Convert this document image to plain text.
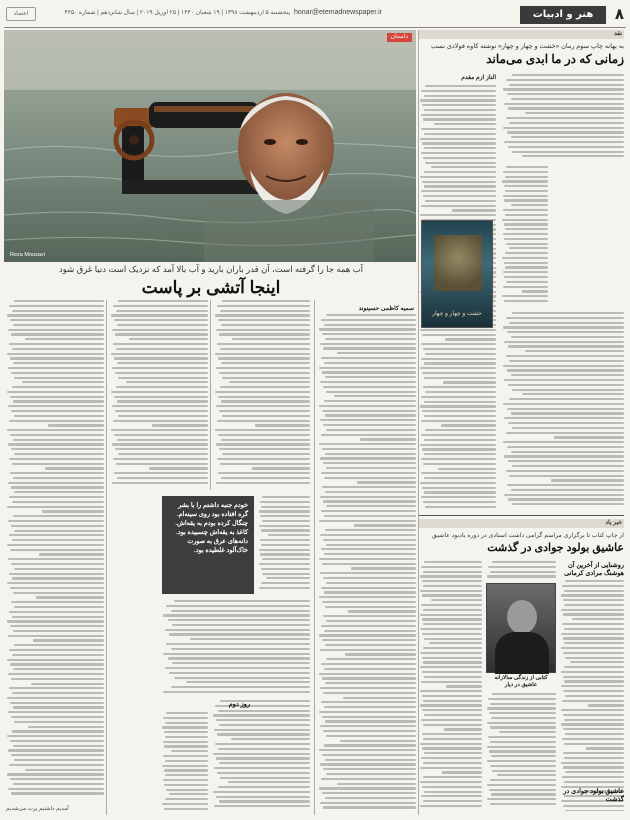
۸
هنر و ادبیات
honar@etemadnewspaper.ir
پنجشنبه ۵ اردیبهشت ۱۳۹۸ | ۱۹ شعبان ۱۴۴۰ | ۲۵ آوریل ۲۰۱۹ | سال شانزدهم | شماره ۴۳۵۰
اعتماد
نقد
به بهانه چاپ سوم رمان «خشت و چهار و چهار» نوشته کاوه فولادی نسب
زمانی که در ما ابدی می‌ماند
الناز آزم مقدم
خشت و چهار و چهار
خبر یاد
از چاپ کتاب تا برگزاری مراسم گرامی داشت استادی در دوره یادبود عاشیق
عاشیق بولود جوادی در گذشت
روشنایی از آخرین آن هوشنگ مرادی کرمانی
کتابی از زندگی سالارانه عاشیق در دیار
عاشیق بولود جوادی در گذشت
داستان
Reza Mousavi
آب همه جا را گرفته است، آن قدر باران بارید و آب بالا آمد که نزدیک است دنیا غرق شود
اینجا آتشی بر پاست
سمیه کاظمی حسینوند
خودم جنبه داشتم را با بشر گره افتاده بود روی سینه‌ام. چنگال کرده بودم به یقه‌اش. کاغذ به یقه‌اش چسبیده بود. دانه‌های عرق به صورت خاک‌آلود غلطیده بود.
روز دوم
آمدیم داشتیم پرت می‌شدیم
